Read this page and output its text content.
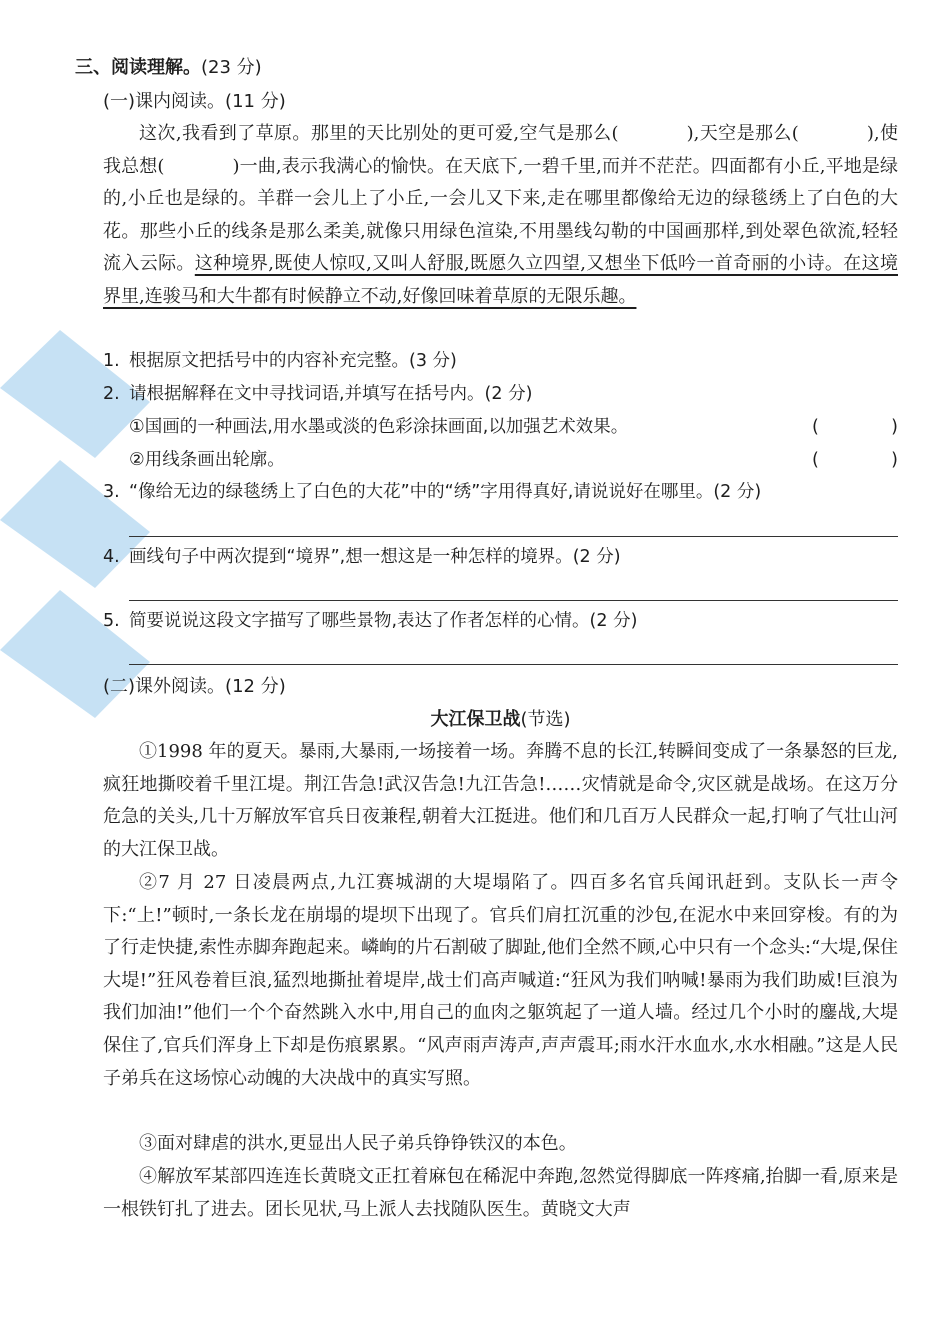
三、阅读理解。(23 分)
(一)课内阅读。(11 分)

这次,我看到了草原。那里的天比别处的更可爱,空气是那么(	),天空是那么(	),使我总想(	)一曲,表示我满心的愉快。在天底下,一碧千里,而并不茫茫。四面都有小丘,平地是绿的,小丘也是绿的。羊群一会儿上了小丘,一会儿又下来,走在哪里都像给无边的绿毯绣上了白色的大花。那些小丘的线条是那么柔美,就像只用绿色渲染,不用墨线勾勒的中国画那样,到处翠色欲流,轻轻流入云际。这种境界,既使人惊叹,又叫人舒服,既愿久立四望,又想坐下低吟一首奇丽的小诗。在这境界里,连骏马和大牛都有时候静立不动,好像回味着草原的无限乐趣。

1. 根据原文把括号中的内容补充完整。(3 分)
2. 请根据解释在文中寻找词语,并填写在括号内。(2 分)
①国画的一种画法,用水墨或淡的色彩涂抹画面,以加强艺术效果。	(	)
②用线条画出轮廓。	(	)
3. “像给无边的绿毯绣上了白色的大花”中的“绣”字用得真好,请说说好在哪里。(2 分)
4. 画线句子中两次提到“境界”,想一想这是一种怎样的境界。(2 分)
5. 简要说说这段文字描写了哪些景物,表达了作者怎样的心情。(2 分)
(二)课外阅读。(12 分)
大江保卫战(节选)

①1998 年的夏天。暴雨,大暴雨,一场接着一场。奔腾不息的长江,转瞬间变成了一条暴怒的巨龙,疯狂地撕咬着千里江堤。荆江告急!武汉告急!九江告急!……灾情就是命令,灾区就是战场。在这万分危急的关头,几十万解放军官兵日夜兼程,朝着大江挺进。他们和几百万人民群众一起,打响了气壮山河的大江保卫战。

②7 月 27 日凌晨两点,九江赛城湖的大堤塌陷了。四百多名官兵闻讯赶到。支队长一声令下:“上!”顿时,一条长龙在崩塌的堤坝下出现了。官兵们肩扛沉重的沙包,在泥水中来回穿梭。有的为了行走快捷,索性赤脚奔跑起来。嶙峋的片石割破了脚趾,他们全然不顾,心中只有一个念头:“大堤,保住大堤!”狂风卷着巨浪,猛烈地撕扯着堤岸,战士们高声喊道:“狂风为我们呐喊!暴雨为我们助威!巨浪为我们加油!”他们一个个奋然跳入水中,用自己的血肉之躯筑起了一道人墙。经过几个小时的鏖战,大堤保住了,官兵们浑身上下却是伤痕累累。“风声雨声涛声,声声震耳;雨水汗水血水,水水相融。”这是人民子弟兵在这场惊心动魄的大决战中的真实写照。

③面对肆虐的洪水,更显出人民子弟兵铮铮铁汉的本色。

④解放军某部四连连长黄晓文正扛着麻包在稀泥中奔跑,忽然觉得脚底一阵疼痛,抬脚一看,原来是一根铁钉扎了进去。团长见状,马上派人去找随队医生。黄晓文大声
